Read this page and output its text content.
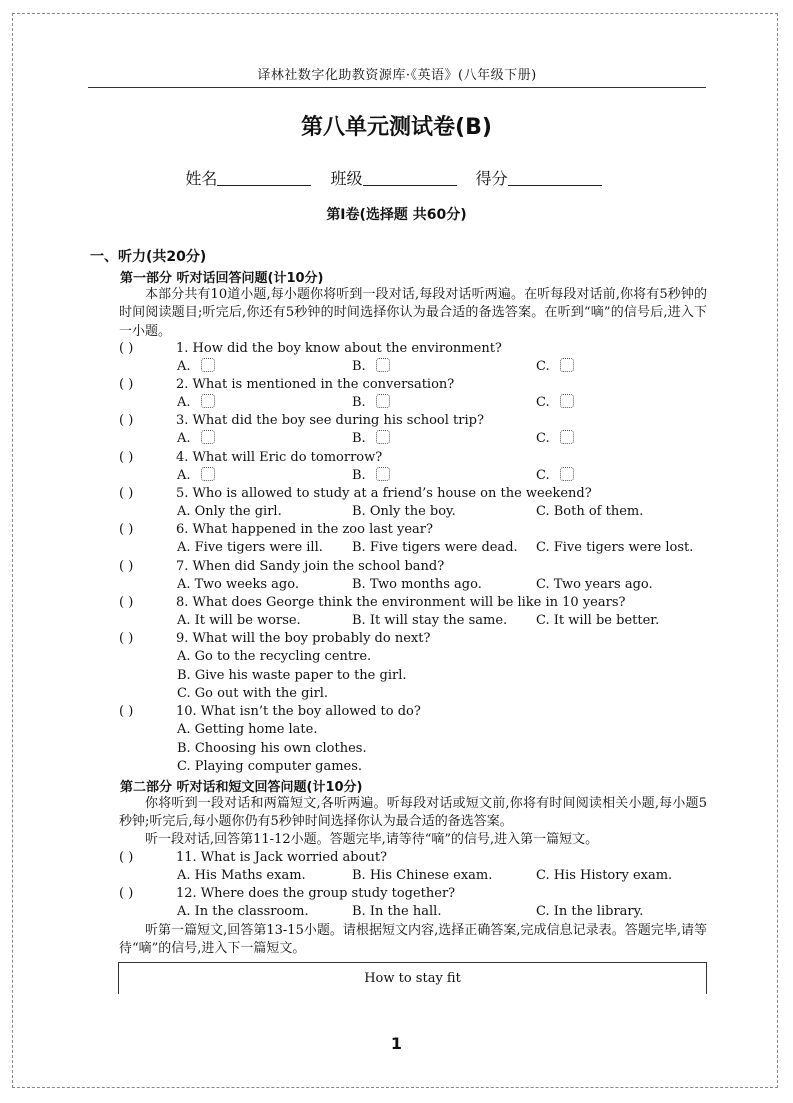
译林社数字化助教资源库·《英语》(八年级下册)
第八单元测试卷(B)
姓名	班级	得分
第Ⅰ卷(选择题 共60分)
一、听力(共20分)
第一部分 听对话回答问题(计10分)
本部分共有10道小题,每小题你将听到一段对话,每段对话听两遍。在听每段对话前,你将有5秒钟的时间阅读题目;听完后,你还有5秒钟的时间选择你认为最合适的备选答案。在听到“嘀”的信号后,进入下一小题。
( )	1. How did the boy know about the environment?
A.	B.	C.
( )	2. What is mentioned in the conversation?
A.	B.	C.
( )	3. What did the boy see during his school trip?
A.	B.	C.
( )	4. What will Eric do tomorrow?
A.	B.	C.
( )	5. Who is allowed to study at a friend’s house on the weekend?
A. Only the girl.	B. Only the boy.	C. Both of them.
( )	6. What happened in the zoo last year?
A. Five tigers were ill. B. Five tigers were dead. C. Five tigers were lost.
( )	7. When did Sandy join the school band?
A. Two weeks ago.	B. Two months ago.	C. Two years ago.
( )	8. What does George think the environment will be like in 10 years?
A. It will be worse.	B. It will stay the same. C. It will be better.
( )	9. What will the boy probably do next?
A. Go to the recycling centre.
B. Give his waste paper to the girl.
C. Go out with the girl.
( )	10. What isn’t the boy allowed to do?
A. Getting home late.
B. Choosing his own clothes.
C. Playing computer games.
第二部分 听对话和短文回答问题(计10分)
你将听到一段对话和两篇短文,各听两遍。听每段对话或短文前,你将有时间阅读相关小题,每小题5秒钟;听完后,每小题你仍有5秒钟时间选择你认为最合适的备选答案。
听一段对话,回答第11-12小题。答题完毕,请等待“嘀”的信号,进入第一篇短文。
( )	11. What is Jack worried about?
A. His Maths exam.	B. His Chinese exam.	C. His History exam.
( )	12. Where does the group study together?
A. In the classroom.	B. In the hall.	C. In the library.
听第一篇短文,回答第13-15小题。请根据短文内容,选择正确答案,完成信息记录表。答题完毕,请等待“嘀”的信号,进入下一篇短文。
How to stay fit
1
